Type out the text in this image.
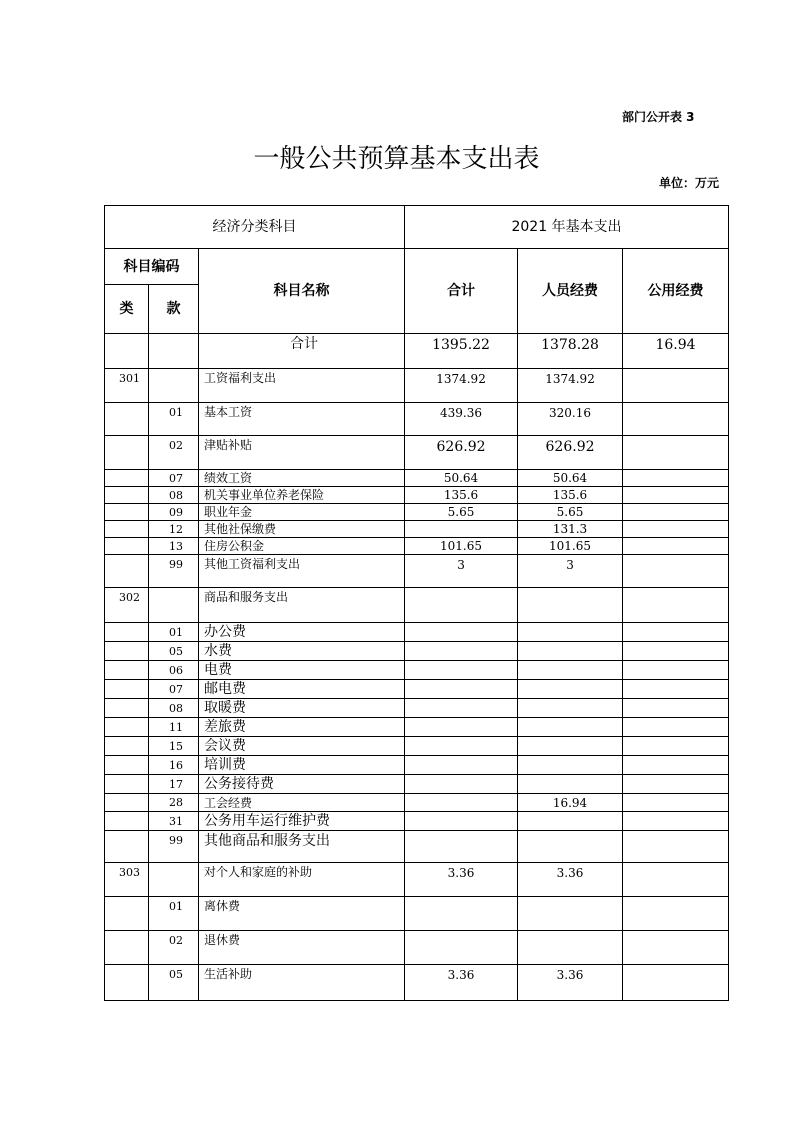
部门公开表 3
一般公共预算基本支出表
单位：万元
经济分类科目			2021 年基本支出		
科目编码		科目名称	合计	人员经费	公用经费
类	款				
		合计	1395.22	1378.28	16.94
301		工资福利支出	1374.92	1374.92	
	01	基本工资	439.36	320.16	
	02	津贴补贴	626.92	626.92	
	07	绩效工资	50.64	50.64	
	08	机关事业单位养老保险	135.6	135.6	
	09	职业年金	5.65	5.65	
	12	其他社保缴费		131.3	
	13	住房公积金	101.65	101.65	
	99	其他工资福利支出	3	3	
302		商品和服务支出			
	01	办公费			
	05	水费			
	06	电费			
	07	邮电费			
	08	取暖费			
	11	差旅费			
	15	会议费			
	16	培训费			
	17	公务接待费			
	28	工会经费		16.94	
	31	公务用车运行维护费			
	99	其他商品和服务支出			
303		对个人和家庭的补助	3.36	3.36	
	01	离休费			
	02	退休费			
	05	生活补助	3.36	3.36	
